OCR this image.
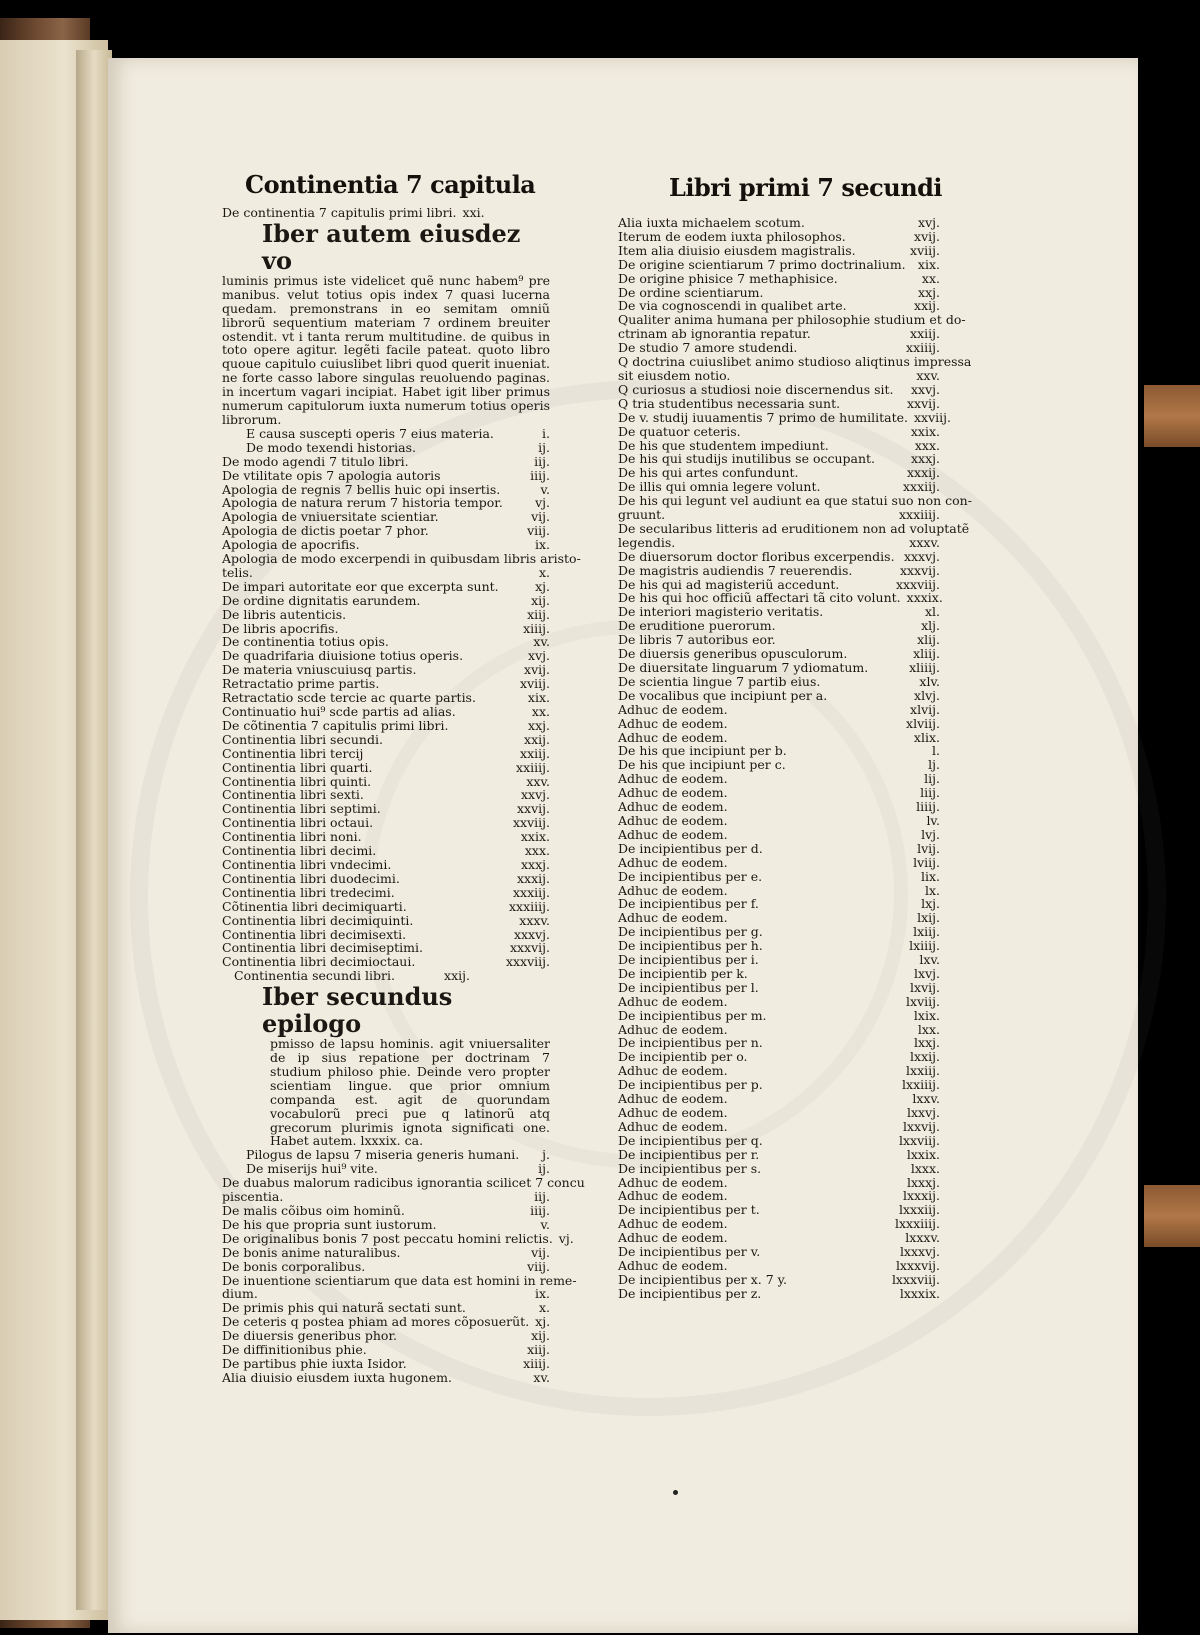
Continentia 7 capitula	Libri primi 7 secundi
De continentia 7 capitulis primi libri. xxi.
Iber autem eiusdez vo
luminis primus iste videlicet quẽ nunc habem⁹ pre manibus. velut totius opis index 7 quasi lucerna quedam. premonstrans in eo semitam omniũ librorũ sequentium materiam 7 ordinem breuiter ostendit. vt i tanta rerum multitudine. de quibus in toto opere agitur. legẽti facile pateat. quoto libro quoue capitulo cuiuslibet libri quod querit inueniat. ne forte casso labore singulas reuoluendo paginas. in incertum vagari incipiat. Habet igit liber primus numerum capitulorum iuxta numerum totius operis librorum.
E causa suscepti operis 7 eius materia.	i.
De modo texendi historias.	ij.
De modo agendi 7 titulo libri.	iij.
De vtilitate opis 7 apologia autoris	iiij.
Apologia de regnis 7 bellis huic opi insertis.	v.
Apologia de natura rerum 7 historia tempor.	vj.
Apologia de vniuersitate scientiar.	vij.
Apologia de dictis poetar 7 phor.	viij.
Apologia de apocrifis.	ix.
Apologia de modo excerpendi in quibusdam libris aristo-
telis.	x.
De impari autoritate eor que excerpta sunt.	xj.
De ordine dignitatis earundem.	xij.
De libris autenticis.	xiij.
De libris apocrifis.	xiiij.
De continentia totius opis.	xv.
De quadrifaria diuisione totius operis.	xvj.
De materia vniuscuiusq partis.	xvij.
Retractatio prime partis.	xviij.
Retractatio scde tercie ac quarte partis.	xix.
Continuatio hui⁹ scde partis ad alias.	xx.
De cõtinentia 7 capitulis primi libri.	xxj.
Continentia libri secundi.	xxij.
Continentia libri tercij	xxiij.
Continentia libri quarti.	xxiiij.
Continentia libri quinti.	xxv.
Continentia libri sexti.	xxvj.
Continentia libri septimi.	xxvij.
Continentia libri octaui.	xxviij.
Continentia libri noni.	xxix.
Continentia libri decimi.	xxx.
Continentia libri vndecimi.	xxxj.
Continentia libri duodecimi.	xxxij.
Continentia libri tredecimi.	xxxiij.
Cõtinentia libri decimiquarti.	xxxiiij.
Continentia libri decimiquinti.	xxxv.
Continentia libri decimisexti.	xxxvj.
Continentia libri decimiseptimi.	xxxvij.
Continentia libri decimioctaui.	xxxviij.
Continentia secundi libri.	xxij.
Iber secundus epilogo
pmisso de lapsu hominis. agit vniuersaliter de ip sius repatione per doctrinam 7 studium philoso phie. Deinde vero propter scientiam lingue. que prior omnium companda est. agit de quorundam vocabulorũ preci pue q latinorũ atq grecorum plurimis ignota significati one. Habet autem. lxxxix. ca.
Pilogus de lapsu 7 miseria generis humani.	j.
De miserijs hui⁹ vite.	ij.
De duabus malorum radicibus ignorantia scilicet 7 concu
piscentia.	iij.
De malis cõibus oim hominũ.	iiij.
De his que propria sunt iustorum.	v.
De originalibus bonis 7 post peccatu homini relictis. vj.
De bonis anime naturalibus.	vij.
De bonis corporalibus.	viij.
De inuentione scientiarum que data est homini in reme-
dium.	ix.
De primis phis qui naturã sectati sunt.	x.
De ceteris q postea phiam ad mores cõposuerũt. xj.
De diuersis generibus phor.	xij.
De diffinitionibus phie.	xiij.
De partibus phie iuxta Isidor.	xiiij.
Alia diuisio eiusdem iuxta hugonem.	xv.
Alia iuxta michaelem scotum.	xvj.
Iterum de eodem iuxta philosophos.	xvij.
Item alia diuisio eiusdem magistralis.	xviij.
De origine scientiarum 7 primo doctrinalium. xix.
De origine phisice 7 methaphisice.	xx.
De ordine scientiarum.	xxj.
De via cognoscendi in qualibet arte.	xxij.
Qualiter anima humana per philosophie studium et do-
ctrinam ab ignorantia repatur.	xxiij.
De studio 7 amore studendi.	xxiiij.
Q doctrina cuiuslibet animo studioso aliqtinus impressa
sit eiusdem notio.	xxv.
Q curiosus a studiosi noie discernendus sit.	xxvj.
Q tria studentibus necessaria sunt.	xxvij.
De v. studij iuuamentis 7 primo de humilitate. xxviij.
De quatuor ceteris.	xxix.
De his que studentem impediunt.	xxx.
De his qui studijs inutilibus se occupant.	xxxj.
De his qui artes confundunt.	xxxij.
De illis qui omnia legere volunt.	xxxiij.
De his qui legunt vel audiunt ea que statui suo non con-
gruunt.	xxxiiij.
De secularibus litteris ad eruditionem non ad voluptatẽ
legendis.	xxxv.
De diuersorum doctor floribus excerpendis. xxxvj.
De magistris audiendis 7 reuerendis.	xxxvij.
De his qui ad magisteriũ accedunt.	xxxviij.
De his qui hoc officiũ affectari tã cito volunt. xxxix.
De interiori magisterio veritatis.	xl.
De eruditione puerorum.	xlj.
De libris 7 autoribus eor.	xlij.
De diuersis generibus opusculorum.	xliij.
De diuersitate linguarum 7 ydiomatum.	xliiij.
De scientia lingue 7 partib eius.	xlv.
De vocalibus que incipiunt per a.	xlvj.
Adhuc de eodem.	xlvij.
Adhuc de eodem.	xlviij.
Adhuc de eodem.	xlix.
De his que incipiunt per b.	l.
De his que incipiunt per c.	lj.
Adhuc de eodem.	lij.
Adhuc de eodem.	liij.
Adhuc de eodem.	liiij.
Adhuc de eodem.	lv.
Adhuc de eodem.	lvj.
De incipientibus per d.	lvij.
Adhuc de eodem.	lviij.
De incipientibus per e.	lix.
Adhuc de eodem.	lx.
De incipientibus per f.	lxj.
Adhuc de eodem.	lxij.
De incipientibus per g.	lxiij.
De incipientibus per h.	lxiiij.
De incipientibus per i.	lxv.
De incipientib per k.	lxvj.
De incipientibus per l.	lxvij.
Adhuc de eodem.	lxviij.
De incipientibus per m.	lxix.
Adhuc de eodem.	lxx.
De incipientibus per n.	lxxj.
De incipientib per o.	lxxij.
Adhuc de eodem.	lxxiij.
De incipientibus per p.	lxxiiij.
Adhuc de eodem.	lxxv.
Adhuc de eodem.	lxxvj.
Adhuc de eodem.	lxxvij.
De incipientibus per q.	lxxviij.
De incipientibus per r.	lxxix.
De incipientibus per s.	lxxx.
Adhuc de eodem.	lxxxj.
Adhuc de eodem.	lxxxij.
De incipientibus per t.	lxxxiij.
Adhuc de eodem.	lxxxiiij.
Adhuc de eodem.	lxxxv.
De incipientibus per v.	lxxxvj.
Adhuc de eodem.	lxxxvij.
De incipientibus per x. 7 y.	lxxxviij.
De incipientibus per z.	lxxxix.
